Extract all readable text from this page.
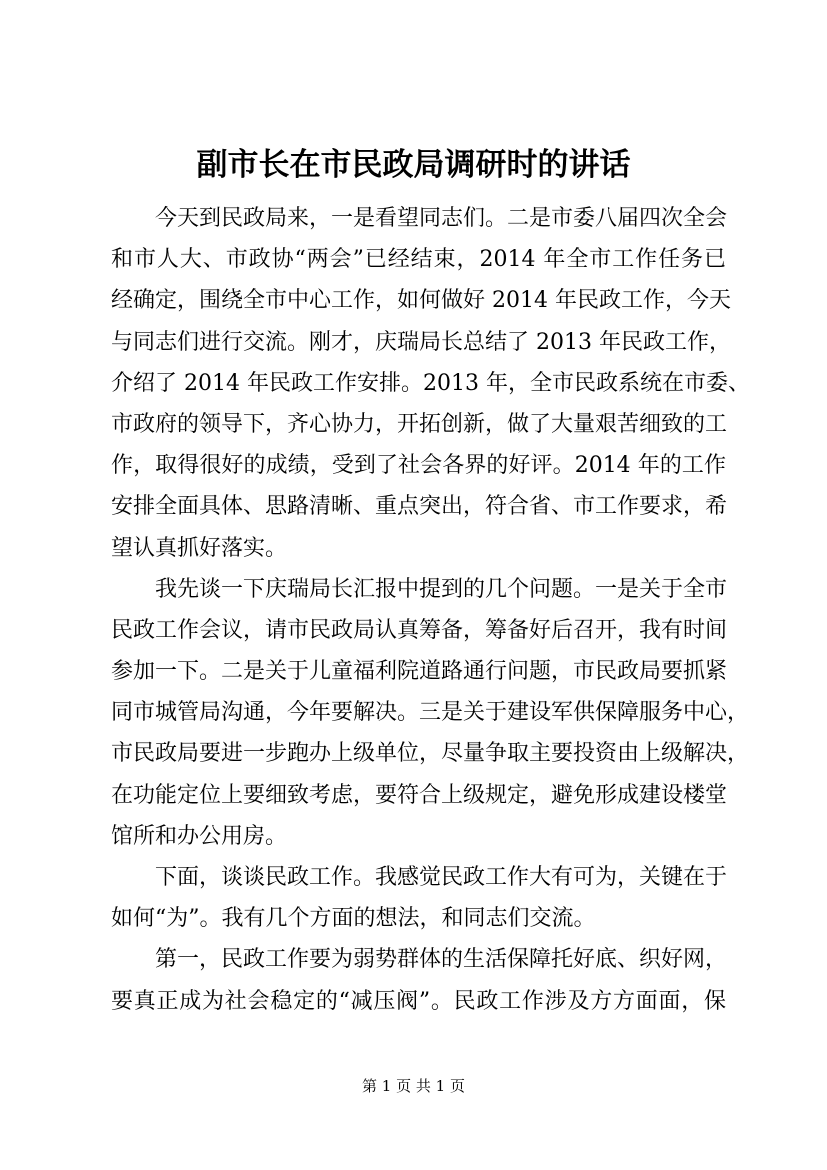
副市长在市民政局调研时的讲话
今天到民政局来，一是看望同志们。二是市委八届四次全会
和市人大、市政协“两会”已经结束，2014 年全市工作任务已
经确定，围绕全市中心工作，如何做好 2014 年民政工作，今天
与同志们进行交流。刚才，庆瑞局长总结了 2013 年民政工作，
介绍了 2014 年民政工作安排。2013 年，全市民政系统在市委、
市政府的领导下，齐心协力，开拓创新，做了大量艰苦细致的工
作，取得很好的成绩，受到了社会各界的好评。2014 年的工作
安排全面具体、思路清晰、重点突出，符合省、市工作要求，希
望认真抓好落实。
我先谈一下庆瑞局长汇报中提到的几个问题。一是关于全市
民政工作会议，请市民政局认真筹备，筹备好后召开，我有时间
参加一下。二是关于儿童福利院道路通行问题，市民政局要抓紧
同市城管局沟通，今年要解决。三是关于建设军供保障服务中心，
市民政局要进一步跑办上级单位，尽量争取主要投资由上级解决，
在功能定位上要细致考虑，要符合上级规定，避免形成建设楼堂
馆所和办公用房。
下面，谈谈民政工作。我感觉民政工作大有可为，关键在于
如何“为”。我有几个方面的想法，和同志们交流。
第一，民政工作要为弱势群体的生活保障托好底、织好网，
要真正成为社会稳定的“减压阀”。民政工作涉及方方面面，保
第 1 页 共 1 页
